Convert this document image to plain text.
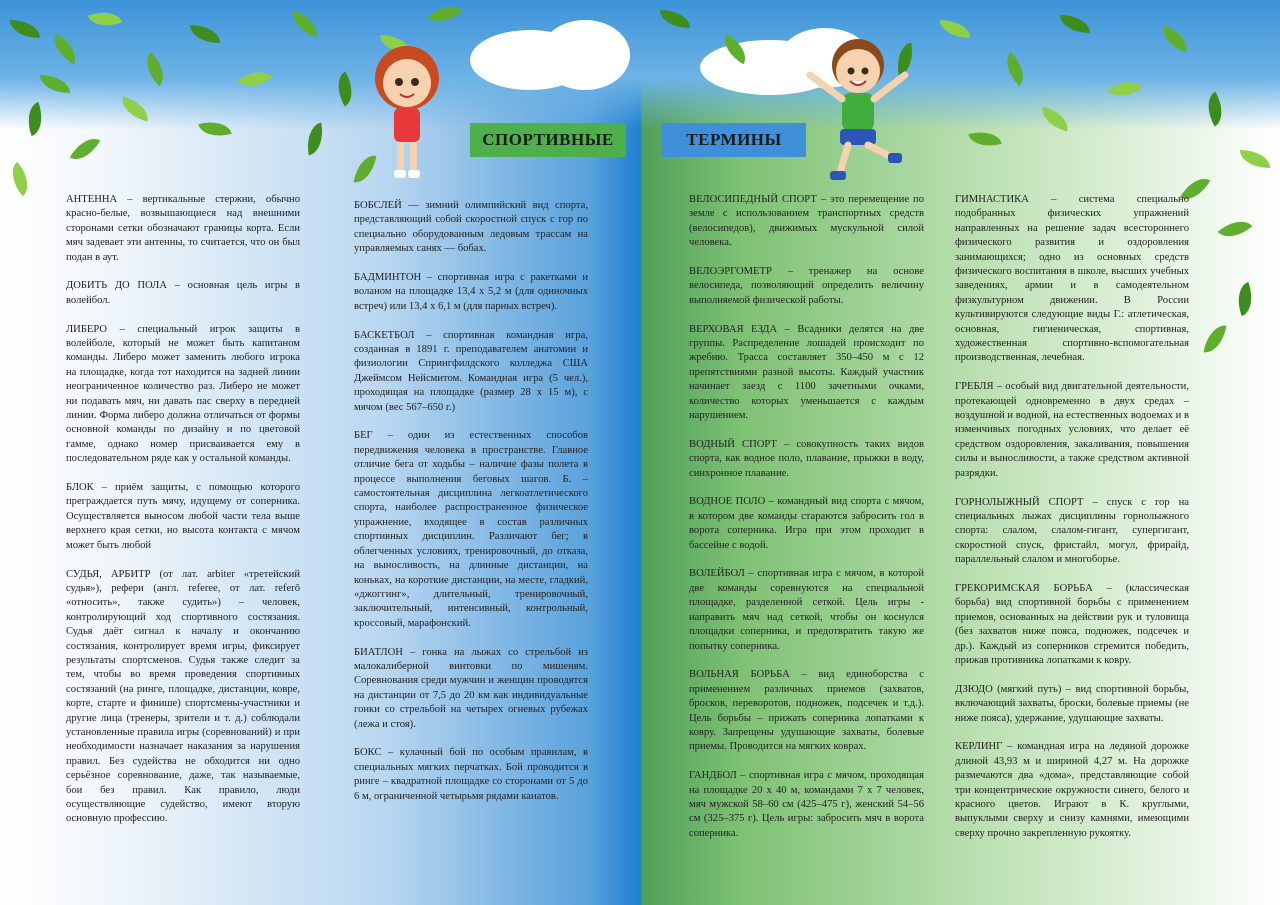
СПОРТИВНЫЕ	ТЕРМИНЫ

АНТЕННА – вертикальные стержни, обычно красно-белые, возвышающиеся над внешними сторонами сетки обозначают границы корта. Если мяч задевает эти антенны, то считается, что он был подан в аут.

ДОБИТЬ ДО ПОЛА – основная цель игры в волейбол.

ЛИБЕРО – специальный игрок защиты в волейболе, который не может быть капитаном команды. Либеро может заменить любого игрока на площадке, когда тот находится на задней линии неограниченное количество раз. Либеро не может ни подавать мяч, ни давать пас сверху в передней линии. Форма либеро должна отличаться от формы основной команды по дизайну и по цветовой гамме, однако номер присваивается ему в последовательном ряде как у остальной команды.

БЛОК – приём защиты, с помощью которого преграждается путь мячу, идущему от соперника. Осуществляется выносом любой части тела выше верхнего края сетки, но высота контакта с мячом может быть любой

СУДЬЯ, АРБИТР (от лат. arbiter «третейский судья»), рефери (англ. referee, от лат. referō «относить», также судить») – человек, контролирующий ход спортивного состязания. Судья даёт сигнал к началу и окончанию состязания, контролирует время игры, фиксирует результаты спортсменов. Судья также следит за тем, чтобы во время проведения спортивных состязаний (на ринге, площадке, дистанции, ковре, корте, старте и финише) спортсмены-участники и другие лица (тренеры, зрители и т. д.) соблюдали установленные правила игры (соревнований) и при необходимости назначает наказания за нарушения правил. Без судейства не обходится ни одно серьёзное соревнование, даже, так называемые, бои без правил. Как правило, люди осуществляющие судейство, имеют вторую основную профессию.

БОБСЛЕЙ — зимний олимпийский вид спорта, представляющий собой скоростной спуск с гор по специально оборудованным ледовым трассам на управляемых санях — бобах.

БАДМИНТОН – спортивная игра с ракетками и воланом на площадке 13,4 х 5,2 м (для одиночных встреч) или 13,4 х 6,1 м (для парных встреч).

БАСКЕТБОЛ – спортивная командная игра, созданная в 1891 г. преподавателем анатомии и физиологии Спрингфилдского колледжа США Джеймсом Нейсмитом. Командная игра (5 чел.), проходящая на площадке (размер 28 х 15 м), с мячом (вес 567–650 г.)

БЕГ – один из естественных способов передвижения человека в пространстве. Главное отличие бега от ходьбы – наличие фазы полета в процессе выполнения беговых шагов. Б. –самостоятельная дисциплина легкоатлетического спорта, наиболее распространенное физическое упражнение, входящее в состав различных спортивных дисциплин. Различают бег; в облегченных условиях, тренировочный, до отказа, на выносливость, на длинные дистанции, на коньках, на короткие дистанции, на месте, гладкий, «джоггинг», длительный, тренировочный, заключительный, интенсивный, контрольный, кроссовый, марафонский.

БИАТЛОН – гонка на лыжах со стрельбой из малокалиберной винтовки по мишеням. Соревнования среди мужчин и женщин проводятся на дистанции от 7,5 до 20 км как индивидуальные гонки со стрельбой на четырех огневых рубежах (лежа и стоя).

БОКС – кулачный бой по особым правилам, в специальных мягких перчатках. Бой проводится в ринге – квадратной площадке со сторонами от 5 до 6 м, ограниченной четырьмя рядами канатов.

ВЕЛОСИПЕДНЫЙ СПОРТ – это перемещение по земле с использованием транспортных средств (велосипедов), движимых мускульной силой человека.

ВЕЛОЭРГОМЕТР – тренажер на основе велосипеда, позволяющий определить величину выполняемой физической работы.

ВЕРХОВАЯ ЕЗДА – Всадники делятся на две группы. Распределение лошадей происходит по жребию. Трасса составляет 350–450 м с 12 препятствиями разной высоты. Каждый участник начинает заезд с 1100 зачетными очками, количество которых уменьшается с каждым нарушением.

ВОДНЫЙ СПОРТ – совокупность таких видов спорта, как водное поло, плавание, прыжки в воду, синхронное плавание.

ВОДНОЕ ПОЛО – командный вид спорта с мячом, в котором две команды стараются забросить гол в ворота соперника. Игра при этом проходит в бассейне с водой.

ВОЛЕЙБОЛ – спортивная игра с мячом, в которой две команды соревнуются на специальной площадке, разделенной сеткой. Цель игры - направить мяч над сеткой, чтобы он коснулся площадки соперника, и предотвратить такую же попытку соперника.

ВОЛЬНАЯ БОРЬБА – вид единоборства с применением различных приемов (захватов, бросков, переворотов, подножек, подсечек и т.д.). Цель борьбы – прижать соперника лопатками к ковру. Запрещены удушающие захваты, болевые приемы. Проводится на мягких коврах.

ГАНДБОЛ – спортивная игра с мячом, проходящая на площадке 20 х 40 м, командами 7 х 7 человек, мяч мужской 58–60 см (425–475 г), женский 54–56 см (325–375 г). Цель игры: забросить мяч в ворота соперника.

ГИМНАСТИКА – система специально подобранных физических упражнений направленных на решение задач всестороннего физического развития и оздоровления занимающихся; одно из основных средств физического воспитания в школе, высших учебных заведениях, армии и в самодеятельном физкультурном движении. В России культивируются следующие виды Г.: атлетическая, основная, гигиеническая, спортивная, художественная спортивно-вспомогательная производственная, лечебная.

ГРЕБЛЯ – особый вид двигательной деятельности, протекающей одновременно в двух средах – воздушной и водной, на естественных водоемах и в изменчивых погодных условиях, что делает её средством оздоровления, закаливания, повышения силы и выносливости, а также средством активной разрядки.

ГОРНОЛЫЖНЫЙ СПОРТ – спуск с гор на специальных лыжах дисциплины горнолыжного спорта: слалом, слалом-гигант, супергигант, скоростной спуск, фристайл, могул, фрирайд, параллельный слалом и многоборье.

ГРЕКОРИМСКАЯ БОРЬБА – (классическая борьба) вид спортивной борьбы с применением приемов, основанных на действии рук и туловища (без захватов ниже пояса, подножек, подсечек и др.). Каждый из соперников стремится победить, прижав противника лопатками к ковру.

ДЗЮДО (мягкий путь) – вид спортивной борьбы, включающий захваты, броски, болевые приемы (не ниже пояса), удержание, удушающие захваты.

КЕРЛИНГ – командная игра на ледяной дорожке длиной 43,93 м и шириной 4,27 м. На дорожке размечаются два «дома», представляющие собой три концентрические окружности синего, белого и красного цветов. Играют в К. круглыми, выпуклыми сверху и снизу камнями, имеющими сверху прочно закрепленную рукоятку.
